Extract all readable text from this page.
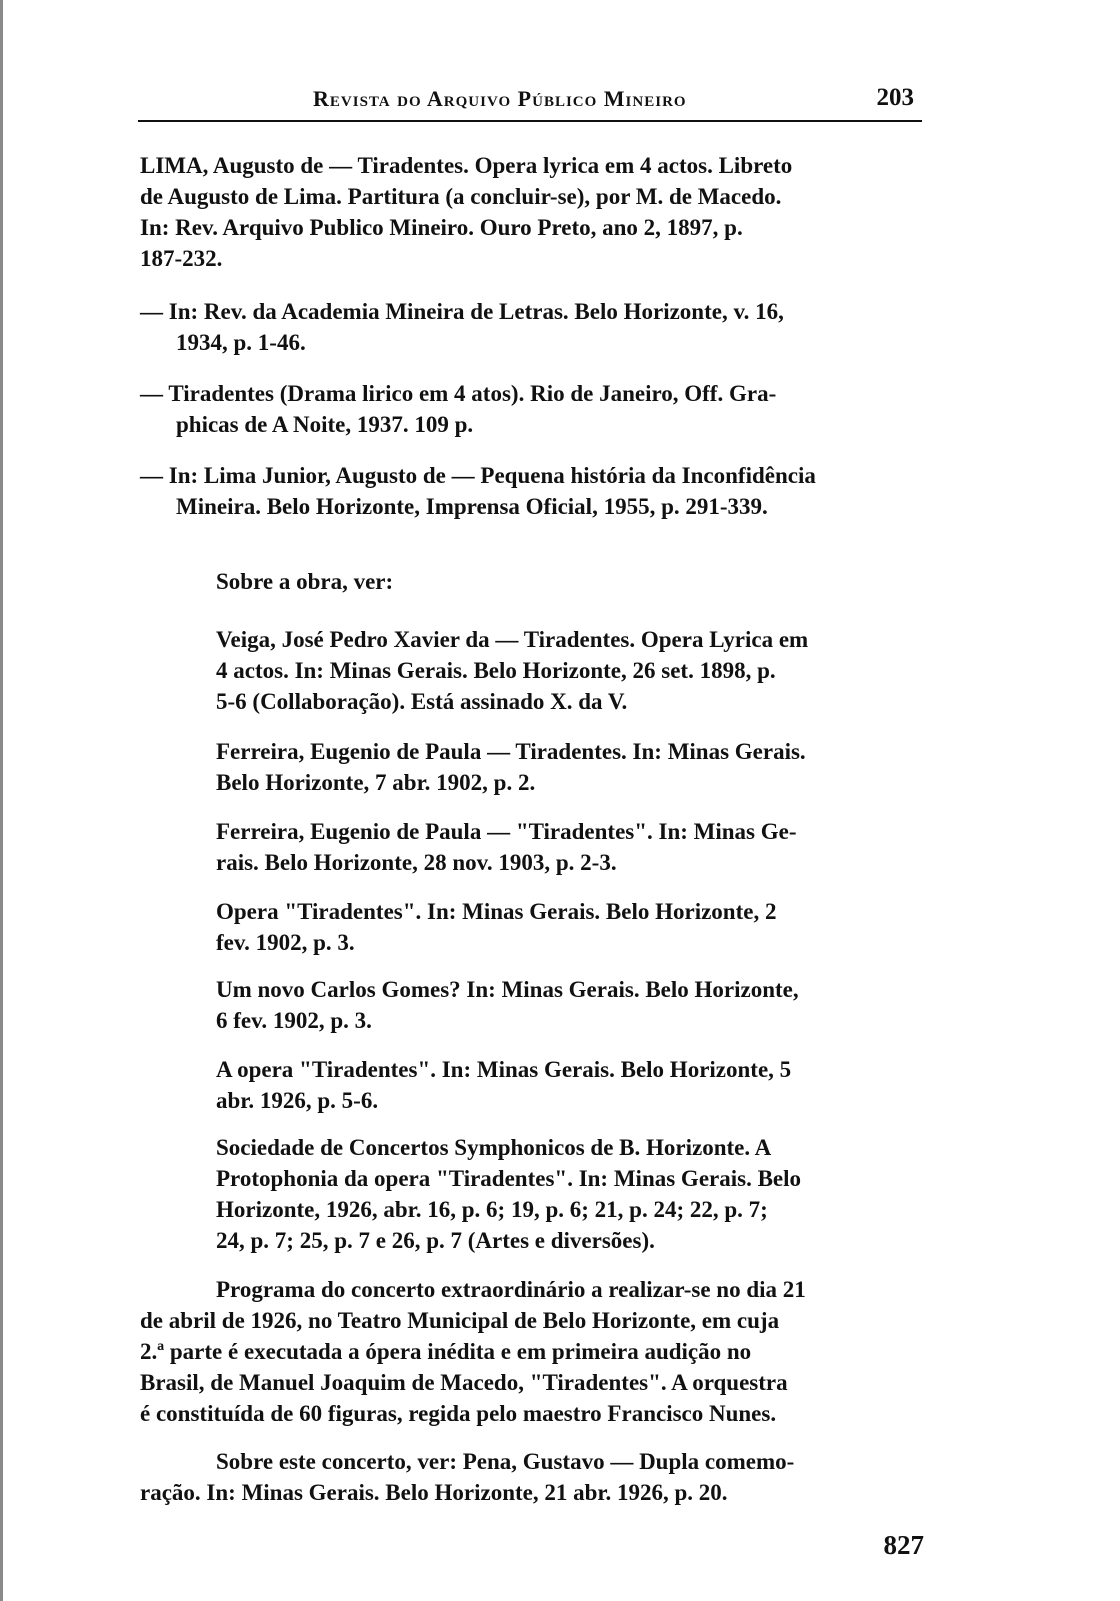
Revista do Arquivo Público Mineiro	203
LIMA, Augusto de — Tiradentes. Opera lyrica em 4 actos. Libreto
de Augusto de Lima. Partitura (a concluir-se), por M. de Macedo.
In: Rev. Arquivo Publico Mineiro. Ouro Preto, ano 2, 1897, p.
187-232.
— In: Rev. da Academia Mineira de Letras. Belo Horizonte, v. 16,
1934, p. 1-46.
— Tiradentes (Drama lirico em 4 atos). Rio de Janeiro, Off. Gra-
phicas de A Noite, 1937. 109 p.
— In: Lima Junior, Augusto de — Pequena história da Inconfidência
Mineira. Belo Horizonte, Imprensa Oficial, 1955, p. 291-339.
Sobre a obra, ver:
Veiga, José Pedro Xavier da — Tiradentes. Opera Lyrica em
4 actos. In: Minas Gerais. Belo Horizonte, 26 set. 1898, p.
5-6 (Collaboração). Está assinado X. da V.
Ferreira, Eugenio de Paula — Tiradentes. In: Minas Gerais.
Belo Horizonte, 7 abr. 1902, p. 2.
Ferreira, Eugenio de Paula — "Tiradentes". In: Minas Ge-
rais. Belo Horizonte, 28 nov. 1903, p. 2-3.
Opera "Tiradentes". In: Minas Gerais. Belo Horizonte, 2
fev. 1902, p. 3.
Um novo Carlos Gomes? In: Minas Gerais. Belo Horizonte,
6 fev. 1902, p. 3.
A opera "Tiradentes". In: Minas Gerais. Belo Horizonte, 5
abr. 1926, p. 5-6.
Sociedade de Concertos Symphonicos de B. Horizonte. A
Protophonia da opera "Tiradentes". In: Minas Gerais. Belo
Horizonte, 1926, abr. 16, p. 6; 19, p. 6; 21, p. 24; 22, p. 7;
24, p. 7; 25, p. 7 e 26, p. 7 (Artes e diversões).
Programa do concerto extraordinário a realizar-se no dia 21
de abril de 1926, no Teatro Municipal de Belo Horizonte, em cuja
2.ª parte é executada a ópera inédita e em primeira audição no
Brasil, de Manuel Joaquim de Macedo, "Tiradentes". A orquestra
é constituída de 60 figuras, regida pelo maestro Francisco Nunes.
Sobre este concerto, ver: Pena, Gustavo — Dupla comemo-
ração. In: Minas Gerais. Belo Horizonte, 21 abr. 1926, p. 20.
827
